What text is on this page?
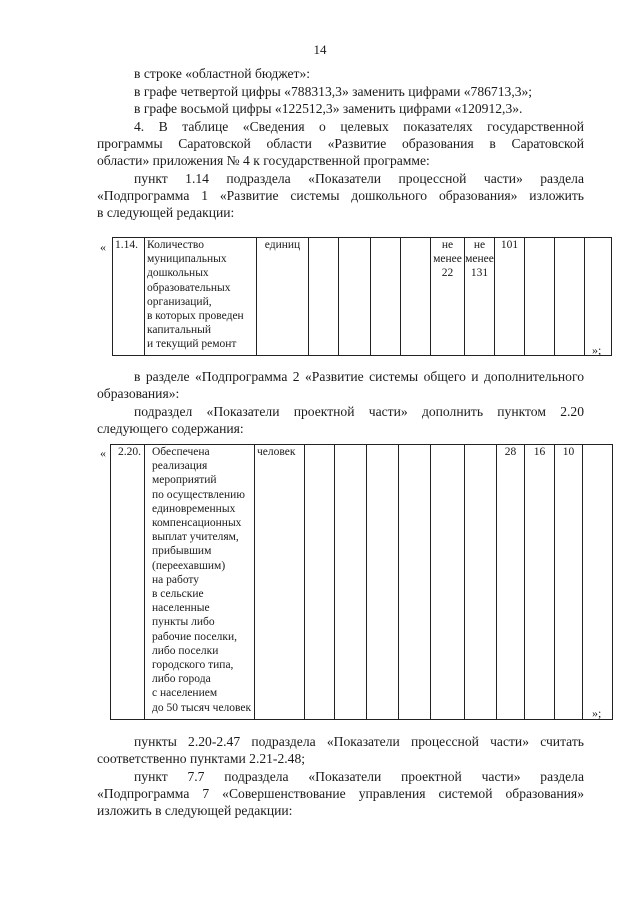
14
в строке «областной бюджет»:
в графе четвертой цифры «788313,3» заменить цифрами «786713,3»;
в графе восьмой цифры «122512,3» заменить цифрами «120912,3».
4. В таблице «Сведения о целевых показателях государственной
программы Саратовской области «Развитие образования в Саратовской
области» приложения № 4 к государственной программе:
пункт 1.14 подраздела «Показатели процессной части» раздела
«Подпрограмма 1 «Развитие системы дошкольного образования» изложить
в следующей редакции:
« 1.14.	Количество
муниципальных
дошкольных
образовательных
организаций,
в которых проведен
капитальный
и текущий ремонт	единиц					не
менее
22	не
менее
131	101			
»;
в разделе «Подпрограмма 2 «Развитие системы общего и дополнительного
образования»:
подраздел «Показатели проектной части» дополнить пунктом 2.20
следующего содержания:
« 2.20.	Обеспечена
реализация
мероприятий
по осуществлению
единовременных
компенсационных
выплат учителям,
прибывшим
(переехавшим)
на работу
в сельские
населенные
пункты либо
рабочие поселки,
либо поселки
городского типа,
либо города
с населением
до 50 тысяч человек	человек							28	16	10	
»;
пункты 2.20-2.47 подраздела «Показатели процессной части» считать
соответственно пунктами 2.21-2.48;
пункт 7.7 подраздела «Показатели проектной части» раздела
«Подпрограмма 7 «Совершенствование управления системой образования»
изложить в следующей редакции:
